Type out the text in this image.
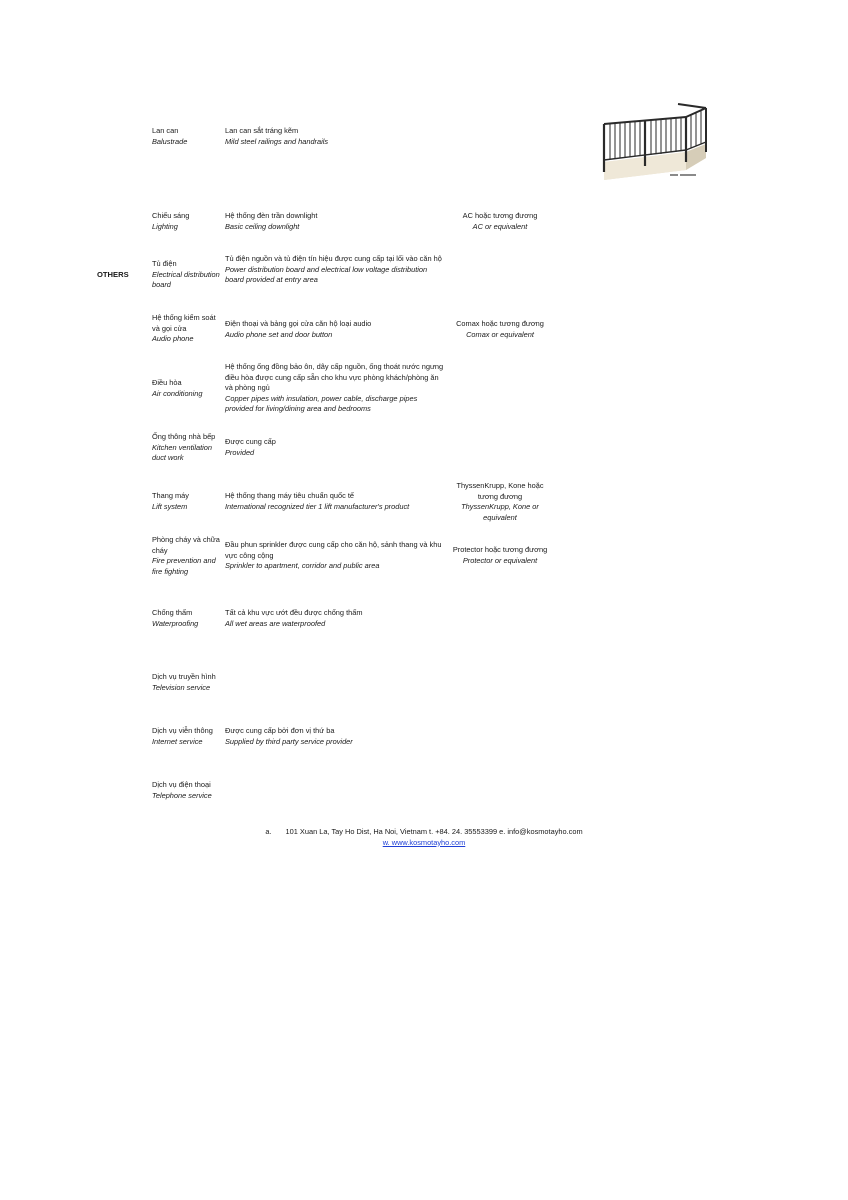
OTHERS
Lan can
Balustrade
Lan can sắt tráng kẽm
Mild steel railings and handrails
Chiếu sáng
Lighting
Hệ thống đèn trần downlight
Basic ceiling downlight
AC hoặc tương đương
AC or equivalent
Tủ điện
Electrical distribution board
Tủ điện nguồn và tủ điện tín hiệu được cung cấp tại lối vào căn hộ
Power distribution board and electrical low voltage distribution board provided at entry area
Hệ thống kiểm soát và gọi cửa
Audio phone
Điện thoại và bảng gọi cửa căn hộ loại audio
Audio phone set and door button
Comax hoặc tương đương
Comax or equivalent
Điều hòa
Air conditioning
Hệ thống ống đồng bảo ôn, dây cấp nguồn, ống thoát nước ngưng điều hòa được cung cấp sẵn cho khu vực phòng khách/phòng ăn và phòng ngủ
Copper pipes with insulation, power cable, discharge pipes provided for living/dining area and bedrooms
Ống thông nhà bếp
Kitchen ventilation duct work
Được cung cấp
Provided
Thang máy
Lift system
Hệ thống thang máy tiêu chuẩn quốc tế
International recognized tier 1 lift manufacturer's product
ThyssenKrupp, Kone hoặc tương đương
ThyssenKrupp, Kone or equivalent
Phòng cháy và chữa cháy
Fire prevention and fire fighting
Đầu phun sprinkler được cung cấp cho căn hộ, sảnh thang và khu vực công cộng
Sprinkler to apartment, corridor and public area
Protector hoặc tương đương
Protector or equivalent
Chống thấm
Waterproofing
Tất cả khu vực ướt đều được chống thấm
All wet areas are waterproofed
Dịch vụ truyền hình
Television service
Dịch vụ viễn thông
Internet service
Được cung cấp bởi đơn vị thứ ba
Supplied by third party service provider
Dịch vụ điện thoại
Telephone service
a. 101 Xuan La, Tay Ho Dist, Ha Noi, Vietnam t. +84. 24. 35553399 e. info@kosmotayho.com
w. www.kosmotayho.com
